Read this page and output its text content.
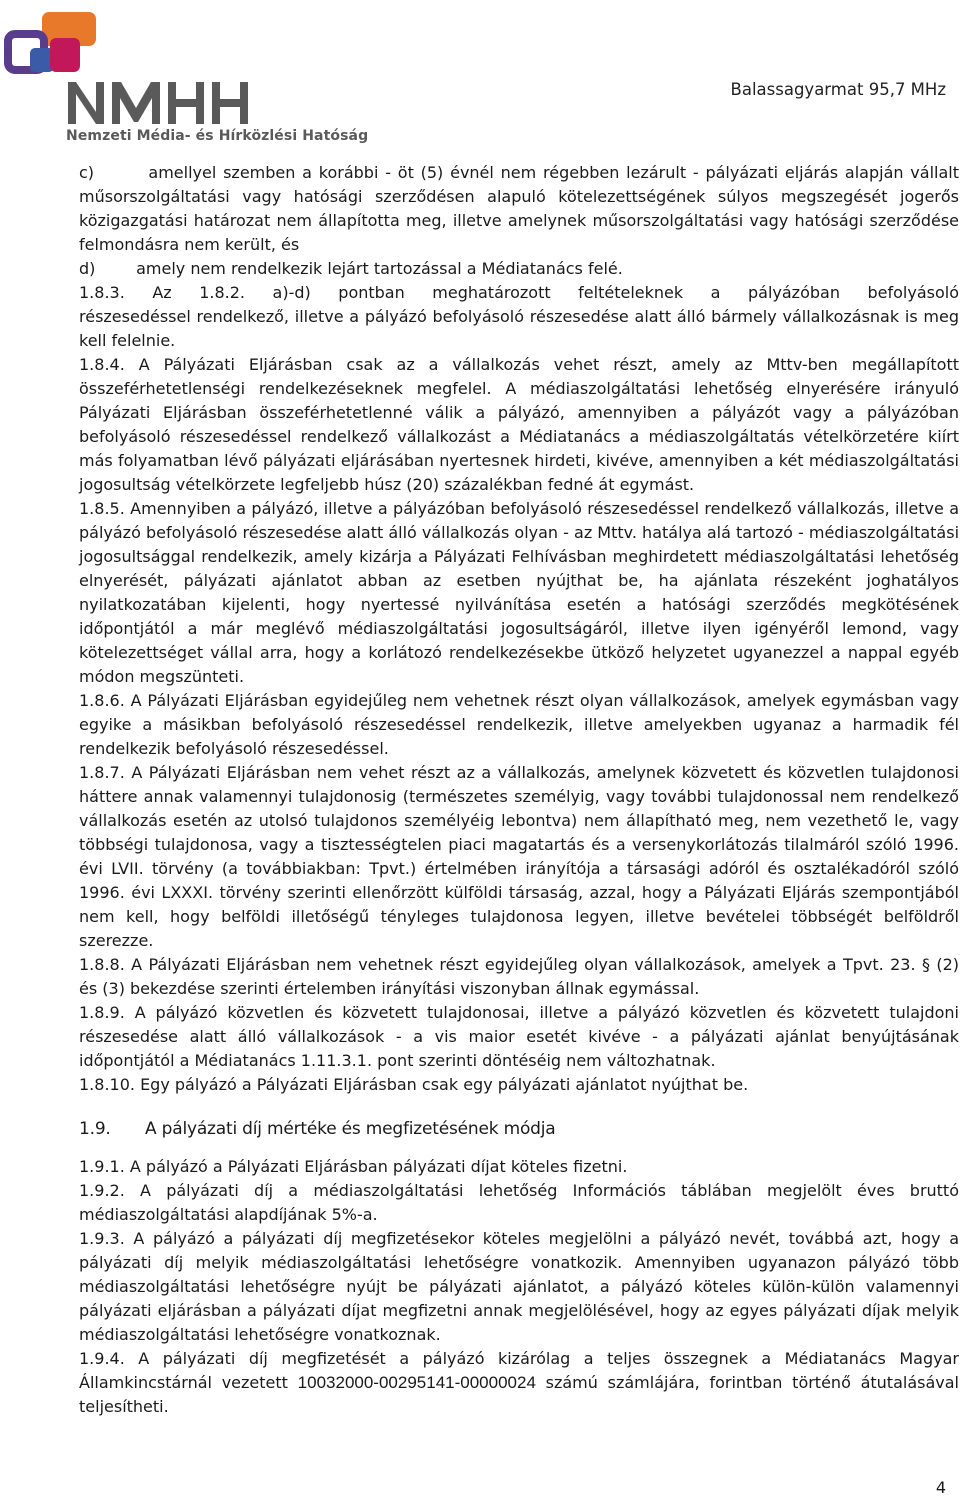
Nemzeti Média- és Hírközlési Hatóság
Balassagyarmat 95,7 MHz

c)        amellyel szemben a korábbi - öt (5) évnél nem régebben lezárult - pályázati eljárás alapján vállalt műsorszolgáltatási vagy hatósági szerződésen alapuló kötelezettségének súlyos megszegését jogerős közigazgatási határozat nem állapította meg, illetve amelynek műsorszolgáltatási vagy hatósági szerződése felmondásra nem került, és

d)        amely nem rendelkezik lejárt tartozással a Médiatanács felé.

1.8.3.   Az   1.8.2.   a)-d)   pontban   meghatározott   feltételeknek   a   pályázóban   befolyásoló részesedéssel rendelkező, illetve a pályázó befolyásoló részesedése alatt álló bármely vállalkozásnak is meg kell felelnie.

1.8.4. A Pályázati Eljárásban csak az a vállalkozás vehet részt, amely az Mttv-ben megállapított összeférhetetlenségi rendelkezéseknek megfelel. A médiaszolgáltatási lehetőség elnyerésére irányuló Pályázati Eljárásban összeférhetetlenné válik a pályázó, amennyiben a pályázót vagy a pályázóban befolyásoló részesedéssel rendelkező vállalkozást a Médiatanács a médiaszolgáltatás vételkörzetére kiírt más folyamatban lévő pályázati eljárásában nyertesnek hirdeti, kivéve, amennyiben a két médiaszolgáltatási jogosultság vételkörzete legfeljebb húsz (20) százalékban fedné át egymást.

1.8.5. Amennyiben a pályázó, illetve a pályázóban befolyásoló részesedéssel rendelkező vállalkozás, illetve a pályázó befolyásoló részesedése alatt álló vállalkozás olyan - az Mttv. hatálya alá tartozó - médiaszolgáltatási jogosultsággal rendelkezik, amely kizárja a Pályázati Felhívásban meghirdetett médiaszolgáltatási lehetőség elnyerését, pályázati ajánlatot abban az esetben nyújthat be, ha ajánlata részeként joghatályos nyilatkozatában kijelenti, hogy nyertessé nyilvánítása esetén a hatósági szerződés megkötésének időpontjától a már meglévő médiaszolgáltatási jogosultságáról, illetve ilyen igényéről lemond, vagy kötelezettséget vállal arra, hogy a korlátozó rendelkezésekbe ütköző helyzetet ugyanezzel a nappal egyéb módon megszünteti.

1.8.6. A Pályázati Eljárásban egyidejűleg nem vehetnek részt olyan vállalkozások, amelyek egymásban vagy egyike a másikban befolyásoló részesedéssel rendelkezik, illetve amelyekben ugyanaz a harmadik fél rendelkezik befolyásoló részesedéssel.

1.8.7. A Pályázati Eljárásban nem vehet részt az a vállalkozás, amelynek közvetett és közvetlen tulajdonosi háttere annak valamennyi tulajdonosig (természetes személyig, vagy további tulajdonossal nem rendelkező vállalkozás esetén az utolsó tulajdonos személyéig lebontva) nem állapítható meg, nem vezethető le, vagy többségi tulajdonosa, vagy a tisztességtelen piaci magatartás és a versenykorlátozás tilalmáról szóló 1996. évi LVII. törvény (a továbbiakban: Tpvt.) értelmében irányítója a társasági adóról és osztalékadóról szóló 1996. évi LXXXI. törvény szerinti ellenőrzött külföldi társaság, azzal, hogy a Pályázati Eljárás szempontjából nem kell, hogy belföldi illetőségű tényleges tulajdonosa legyen, illetve bevételei többségét belföldről szerezze.

1.8.8. A Pályázati Eljárásban nem vehetnek részt egyidejűleg olyan vállalkozások, amelyek a Tpvt. 23. § (2) és (3) bekezdése szerinti értelemben irányítási viszonyban állnak egymással.

1.8.9. A pályázó közvetlen és közvetett tulajdonosai, illetve a pályázó közvetlen és közvetett tulajdoni részesedése alatt álló vállalkozások - a vis maior esetét kivéve - a pályázati ajánlat benyújtásának időpontjától a Médiatanács 1.11.3.1. pont szerinti döntéséig nem változhatnak.

1.8.10. Egy pályázó a Pályázati Eljárásban csak egy pályázati ajánlatot nyújthat be.

1.9. A pályázati díj mértéke és megfizetésének módja

1.9.1. A pályázó a Pályázati Eljárásban pályázati díjat köteles fizetni.

1.9.2. A pályázati díj a médiaszolgáltatási lehetőség Információs táblában megjelölt éves bruttó médiaszolgáltatási alapdíjának 5%-a.

1.9.3. A pályázó a pályázati díj megfizetésekor köteles megjelölni a pályázó nevét, továbbá azt, hogy a pályázati díj melyik médiaszolgáltatási lehetőségre vonatkozik. Amennyiben ugyanazon pályázó több médiaszolgáltatási lehetőségre nyújt be pályázati ajánlatot, a pályázó köteles külön-külön valamennyi pályázati eljárásban a pályázati díjat megfizetni annak megjelölésével, hogy az egyes pályázati díjak melyik médiaszolgáltatási lehetőségre vonatkoznak.

1.9.4. A pályázati díj megfizetését a pályázó kizárólag a teljes összegnek a Médiatanács Magyar Államkincstárnál vezetett 10032000-00295141-00000024 számú számlájára, forintban történő átutalásával teljesítheti.

4
